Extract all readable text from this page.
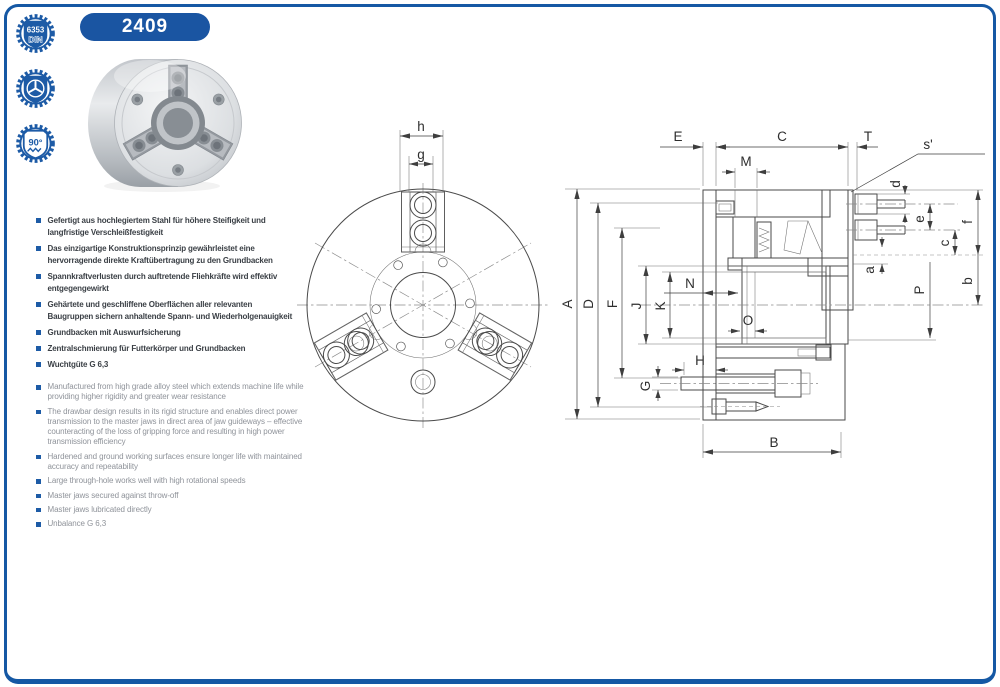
6353
DIN

90°
2409
Gefertigt aus hochlegiertem Stahl für höhere Steifigkeit und langfristige Verschleißfestigkeit
Das einzigartige Konstruktionsprinzip gewährleistet eine hervorragende direkte Kraftübertragung zu den Grundbacken
Spannkraftverlusten durch auftretende Fliehkräfte wird effektiv entgegengewirkt
Gehärtete und geschliffene Oberflächen aller relevanten Baugruppen sichern anhaltende Spann- und Wiederholgenauigkeit
Grundbacken mit Auswurfsicherung
Zentralschmierung für Futterkörper und Grundbacken
Wuchtgüte G 6,3
Manufactured from high grade alloy steel which extends machine life while providing higher rigidity and greater wear resistance
The drawbar design results in its rigid structure and enables direct power transmission to the master jaws in direct area of jaw guideways – effective counteracting of the loss of gripping force and resulting in high power transmission efficiency
Hardened and ground working surfaces ensure longer life with maintained accuracy and repeatability
Large through-hole works well with high rotational speeds
Master jaws secured against throw-off
Master jaws lubricated directly
Unbalance G 6,3
h
g
E	C	T
M
s'
A D F J K
N
O
H
G
B
d
e
c
f
b
a
P
